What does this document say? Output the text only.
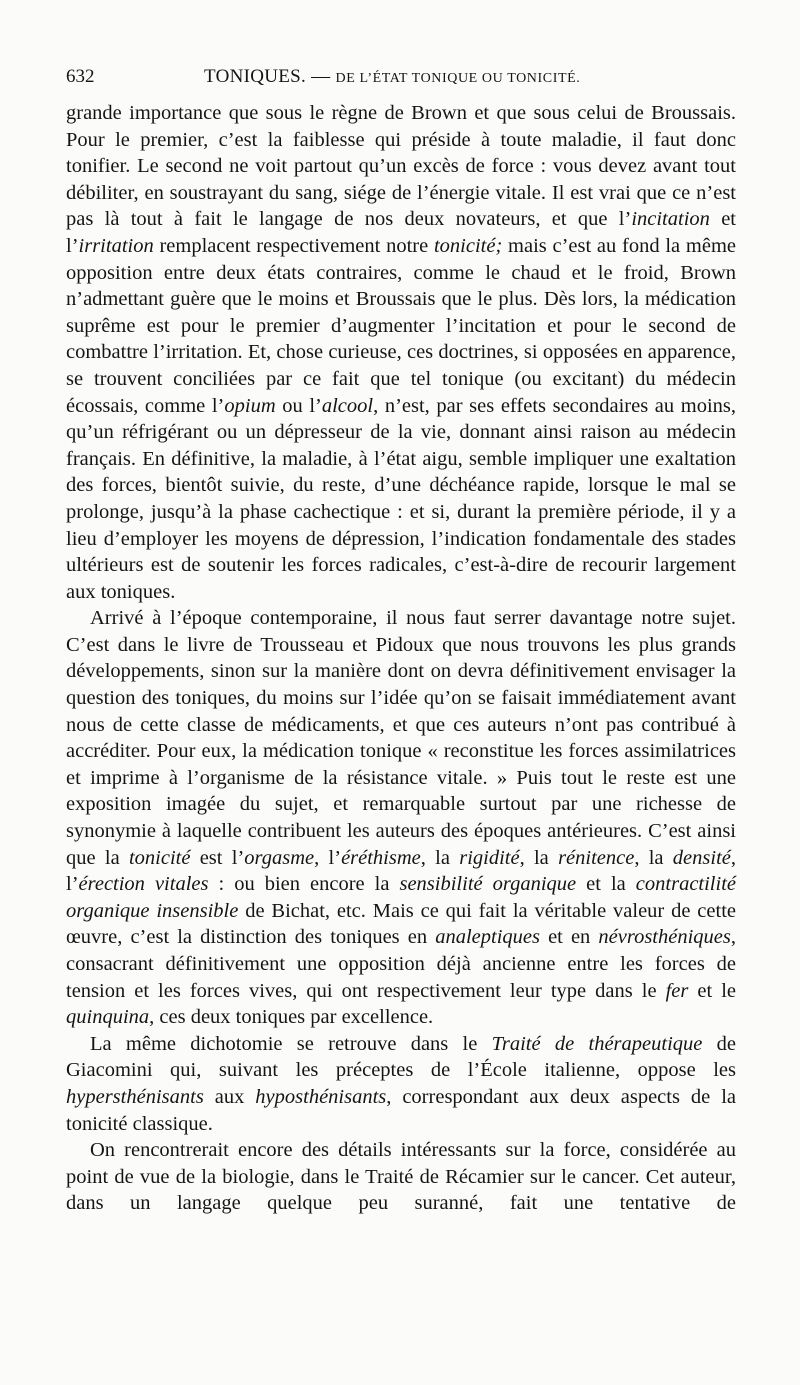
632	TONIQUES. — DE L’ÉTAT TONIQUE OU TONICITÉ.

grande importance que sous le règne de Brown et que sous celui de Broussais. Pour le premier, c’est la faiblesse qui préside à toute maladie, il faut donc tonifier. Le second ne voit partout qu’un excès de force : vous devez avant tout débiliter, en soustrayant du sang, siége de l’énergie vitale. Il est vrai que ce n’est pas là tout à fait le langage de nos deux novateurs, et que l’incitation et l’irritation remplacent respectivement notre tonicité; mais c’est au fond la même opposition entre deux états contraires, comme le chaud et le froid, Brown n’admettant guère que le moins et Broussais que le plus. Dès lors, la médication suprême est pour le premier d’augmenter l’incitation et pour le second de combattre l’irritation. Et, chose curieuse, ces doctrines, si opposées en apparence, se trouvent conciliées par ce fait que tel tonique (ou excitant) du médecin écossais, comme l’opium ou l’alcool, n’est, par ses effets secondaires au moins, qu’un réfrigérant ou un dépresseur de la vie, donnant ainsi raison au médecin français. En définitive, la maladie, à l’état aigu, semble impliquer une exaltation des forces, bientôt suivie, du reste, d’une déchéance rapide, lorsque le mal se prolonge, jusqu’à la phase cachectique : et si, durant la première période, il y a lieu d’employer les moyens de dépression, l’indication fondamentale des stades ultérieurs est de soutenir les forces radicales, c’est-à-dire de recourir largement aux toniques.

Arrivé à l’époque contemporaine, il nous faut serrer davantage notre sujet. C’est dans le livre de Trousseau et Pidoux que nous trouvons les plus grands développements, sinon sur la manière dont on devra définitivement envisager la question des toniques, du moins sur l’idée qu’on se faisait immédiatement avant nous de cette classe de médicaments, et que ces auteurs n’ont pas contribué à accréditer. Pour eux, la médication tonique « reconstitue les forces assimilatrices et imprime à l’organisme de la résistance vitale. » Puis tout le reste est une exposition imagée du sujet, et remarquable surtout par une richesse de synonymie à laquelle contribuent les auteurs des époques antérieures. C’est ainsi que la tonicité est l’orgasme, l’éréthisme, la rigidité, la rénitence, la densité, l’érection vitales : ou bien encore la sensibilité organique et la contractilité organique insensible de Bichat, etc. Mais ce qui fait la véritable valeur de cette œuvre, c’est la distinction des toniques en analeptiques et en névrosthéniques, consacrant définitivement une opposition déjà ancienne entre les forces de tension et les forces vives, qui ont respectivement leur type dans le fer et le quinquina, ces deux toniques par excellence.

La même dichotomie se retrouve dans le Traité de thérapeutique de Giacomini qui, suivant les préceptes de l’École italienne, oppose les hypersthénisants aux hyposthénisants, correspondant aux deux aspects de la tonicité classique.

On rencontrerait encore des détails intéressants sur la force, considérée au point de vue de la biologie, dans le Traité de Récamier sur le cancer. Cet auteur, dans un langage quelque peu suranné, fait une tentative de
